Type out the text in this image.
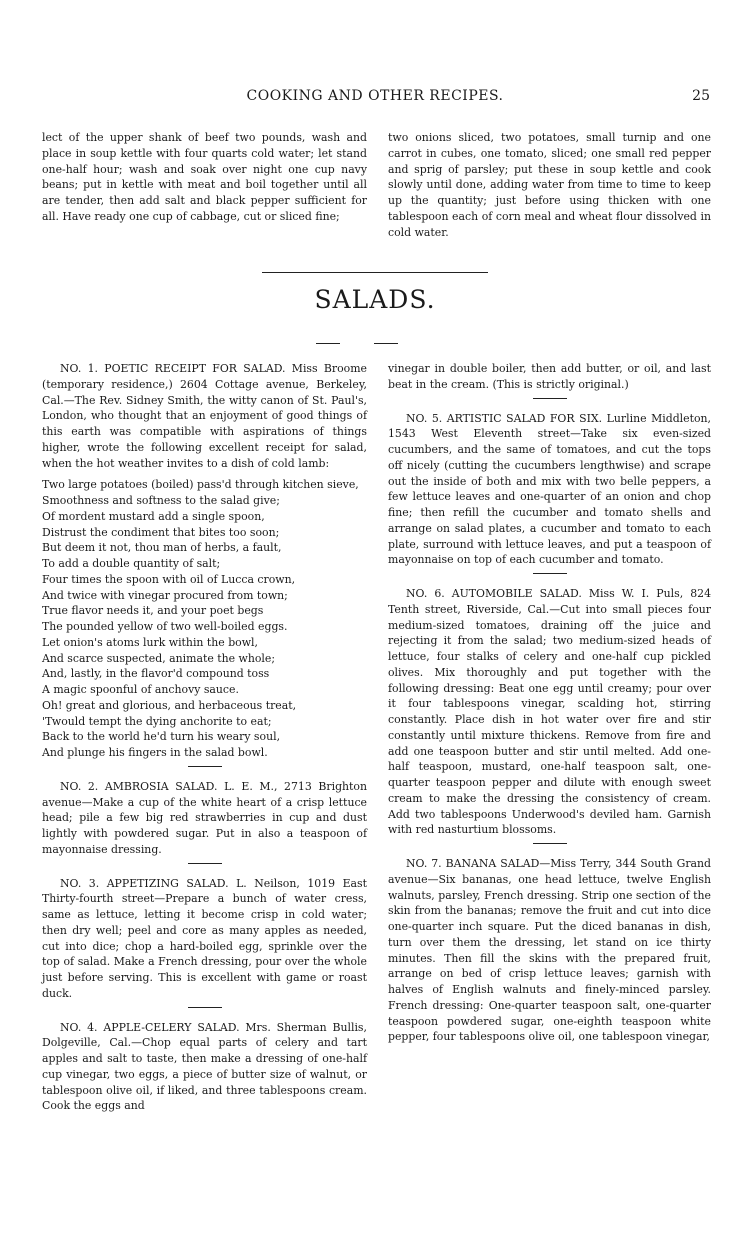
COOKING AND OTHER RECIPES.	25

lect of the upper shank of beef two pounds, wash and place in soup kettle with four quarts cold water; let stand one-half hour; wash and soak over night one cup navy beans; put in kettle with meat and boil together until all are tender, then add salt and black pepper sufficient for all. Have ready one cup of cabbage, cut or sliced fine;

two onions sliced, two potatoes, small turnip and one carrot in cubes, one tomato, sliced; one small red pepper and sprig of parsley; put these in soup kettle and cook slowly until done, adding water from time to time to keep up the quantity; just before using thicken with one tablespoon each of corn meal and wheat flour dissolved in cold water.

SALADS.

NO. 1. POETIC RECEIPT FOR SALAD. Miss Broome (temporary residence,) 2604 Cottage avenue, Berkeley, Cal.—The Rev. Sidney Smith, the witty canon of St. Paul's, London, who thought that an enjoyment of good things of this earth was compatible with aspirations of things higher, wrote the following excellent receipt for salad, when the hot weather invites to a dish of cold lamb:

Two large potatoes (boiled) pass'd through kitchen sieve,
Smoothness and softness to the salad give;
Of mordent mustard add a single spoon,
Distrust the condiment that bites too soon;
But deem it not, thou man of herbs, a fault,
To add a double quantity of salt;
Four times the spoon with oil of Lucca crown,
And twice with vinegar procured from town;
True flavor needs it, and your poet begs
The pounded yellow of two well-boiled eggs.
Let onion's atoms lurk within the bowl,
And scarce suspected, animate the whole;
And, lastly, in the flavor'd compound toss
A magic spoonful of anchovy sauce.
Oh! great and glorious, and herbaceous treat,
'Twould tempt the dying anchorite to eat;
Back to the world he'd turn his weary soul,
And plunge his fingers in the salad bowl.

NO. 2. AMBROSIA SALAD. L. E. M., 2713 Brighton avenue—Make a cup of the white heart of a crisp lettuce head; pile a few big red strawberries in cup and dust lightly with powdered sugar. Put in also a teaspoon of mayonnaise dressing.

NO. 3. APPETIZING SALAD. L. Neilson, 1019 East Thirty-fourth street—Prepare a bunch of water cress, same as lettuce, letting it become crisp in cold water; then dry well; peel and core as many apples as needed, cut into dice; chop a hard-boiled egg, sprinkle over the top of salad. Make a French dressing, pour over the whole just before serving. This is excellent with game or roast duck.

NO. 4. APPLE-CELERY SALAD. Mrs. Sherman Bullis, Dolgeville, Cal.—Chop equal parts of celery and tart apples and salt to taste, then make a dressing of one-half cup vinegar, two eggs, a piece of butter size of walnut, or tablespoon olive oil, if liked, and three tablespoons cream. Cook the eggs and

vinegar in double boiler, then add butter, or oil, and last beat in the cream. (This is strictly original.)

NO. 5. ARTISTIC SALAD FOR SIX. Lurline Middleton, 1543 West Eleventh street—Take six even-sized cucumbers, and the same of tomatoes, and cut the tops off nicely (cutting the cucumbers lengthwise) and scrape out the inside of both and mix with two belle peppers, a few lettuce leaves and one-quarter of an onion and chop fine; then refill the cucumber and tomato shells and arrange on salad plates, a cucumber and tomato to each plate, surround with lettuce leaves, and put a teaspoon of mayonnaise on top of each cucumber and tomato.

NO. 6. AUTOMOBILE SALAD. Miss W. I. Puls, 824 Tenth street, Riverside, Cal.—Cut into small pieces four medium-sized tomatoes, draining off the juice and rejecting it from the salad; two medium-sized heads of lettuce, four stalks of celery and one-half cup pickled olives. Mix thoroughly and put together with the following dressing: Beat one egg until creamy; pour over it four tablespoons vinegar, scalding hot, stirring constantly. Place dish in hot water over fire and stir constantly until mixture thickens. Remove from fire and add one teaspoon butter and stir until melted. Add one-half teaspoon, mustard, one-half teaspoon salt, one-quarter teaspoon pepper and dilute with enough sweet cream to make the dressing the consistency of cream. Add two tablespoons Underwood's deviled ham. Garnish with red nasturtium blossoms.

NO. 7. BANANA SALAD—Miss Terry, 344 South Grand avenue—Six bananas, one head lettuce, twelve English walnuts, parsley, French dressing. Strip one section of the skin from the bananas; remove the fruit and cut into dice one-quarter inch square. Put the diced bananas in dish, turn over them the dressing, let stand on ice thirty minutes. Then fill the skins with the prepared fruit, arrange on bed of crisp lettuce leaves; garnish with halves of English walnuts and finely-minced parsley. French dressing: One-quarter teaspoon salt, one-quarter teaspoon powdered sugar, one-eighth teaspoon white pepper, four tablespoons olive oil, one tablespoon vinegar,
